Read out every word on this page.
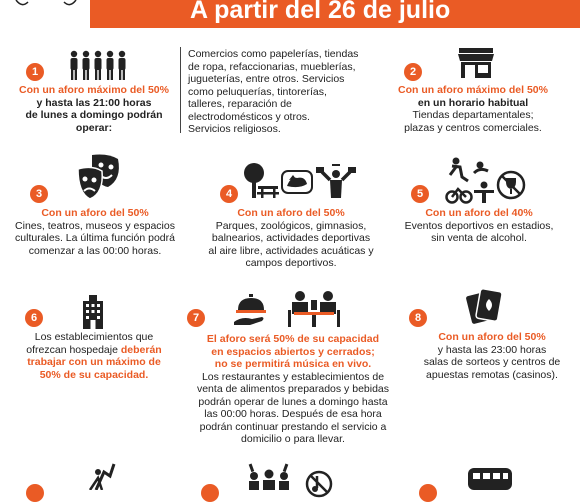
A partir del 26 de julio
1
Con un aforo máximo del 50%
y hasta las 21:00 horas
de lunes a domingo podrán
operar:
Comercios como papelerías, tiendas
de ropa, refaccionarias, mueblerías,
jugueterías, entre otros. Servicios
como peluquerías, tintorerías,
talleres, reparación de
electrodomésticos y otros.
Servicios religiosos.
2
Con un aforo máximo del 50%
en un horario habitual
Tiendas departamentales;
plazas y centros comerciales.
3
Con un aforo del 50%
Cines, teatros, museos y espacios
culturales. La última función podrá
comenzar a las 00:00 horas.
4
Con un aforo del 50%
Parques, zoológicos, gimnasios,
balnearios, actividades deportivas
al aire libre, actividades acuáticas y
campos deportivos.
5
Con un aforo del 40%
Eventos deportivos en estadios,
sin venta de alcohol.
6
Los establecimientos que
ofrezcan hospedaje deberán
trabajar con un máximo de
50% de su capacidad.
7
El aforo será 50% de su capacidad
en espacios abiertos y cerrados;
no se permitirá música en vivo.
Los restaurantes y establecimientos de
venta de alimentos preparados y bebidas
podrán operar de lunes a domingo hasta
las 00:00 horas. Después de esa hora
podrán continuar prestando el servicio a
domicilio o para llevar.
8
Con un aforo del 50%
y hasta las 23:00 horas
salas de sorteos y centros de
apuestas remotas (casinos).
